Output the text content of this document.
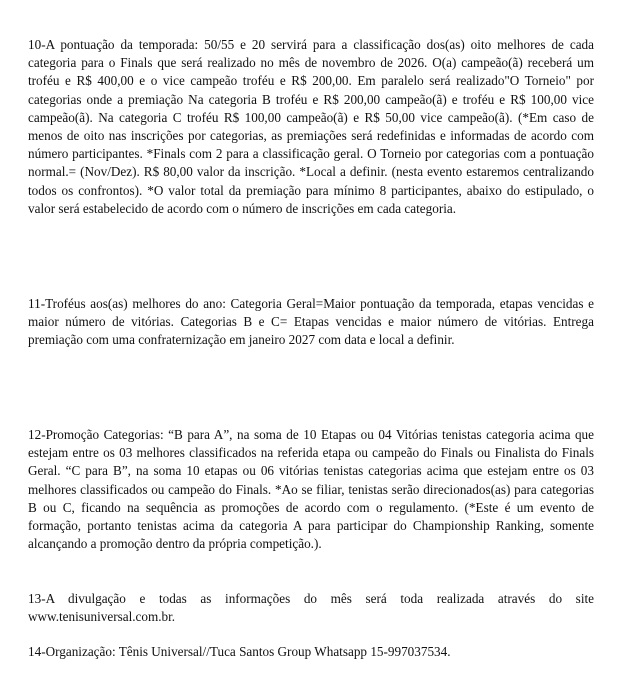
10-A pontuação da temporada: 50/55 e 20 servirá para a classificação dos(as) oito melhores de cada categoria para o Finals que será realizado no mês de novembro de 2026. O(a) campeão(ã) receberá um troféu e R$ 400,00 e o vice campeão troféu e R$ 200,00. Em paralelo será realizado"O Torneio" por categorias onde a premiação Na categoria B troféu e R$ 200,00 campeão(ã) e troféu e R$ 100,00 vice campeão(ã). Na categoria C troféu R$ 100,00 campeão(ã) e R$ 50,00 vice campeão(ã). (*Em caso de menos de oito nas inscrições por categorias, as premiações será redefinidas e informadas de acordo com número participantes. *Finals com 2 para a classificação geral. O Torneio por categorias com a pontuação normal.= (Nov/Dez). R$ 80,00 valor da inscrição. *Local a definir. (nesta evento estaremos centralizando todos os confrontos). *O valor total da premiação para mínimo 8 participantes, abaixo do estipulado, o valor será estabelecido de acordo com o número de inscrições em cada categoria.

11-Troféus aos(as) melhores do ano: Categoria Geral=Maior pontuação da temporada, etapas vencidas e maior número de vitórias. Categorias B e C= Etapas vencidas e maior número de vitórias. Entrega premiação com uma confraternização em janeiro 2027 com data e local a definir.

12-Promoção Categorias: “B para A”, na soma de 10 Etapas ou 04 Vitórias tenistas categoria acima que estejam entre os 03 melhores classificados na referida etapa ou campeão do Finals ou Finalista do Finals Geral. “C para B”, na soma 10 etapas ou 06 vitórias tenistas categorias acima que estejam entre os 03 melhores classificados ou campeão do Finals. *Ao se filiar, tenistas serão direcionados(as) para categorias B ou C, ficando na sequência as promoções de acordo com o regulamento. (*Este é um evento de formação, portanto tenistas acima da categoria A para participar do Championship Ranking, somente alcançando a promoção dentro da própria competição.).

13-A divulgação e todas as informações do mês será toda realizada através do site www.tenisuniversal.com.br.

14-Organização: Tênis Universal//Tuca Santos Group Whatsapp 15-997037534.
